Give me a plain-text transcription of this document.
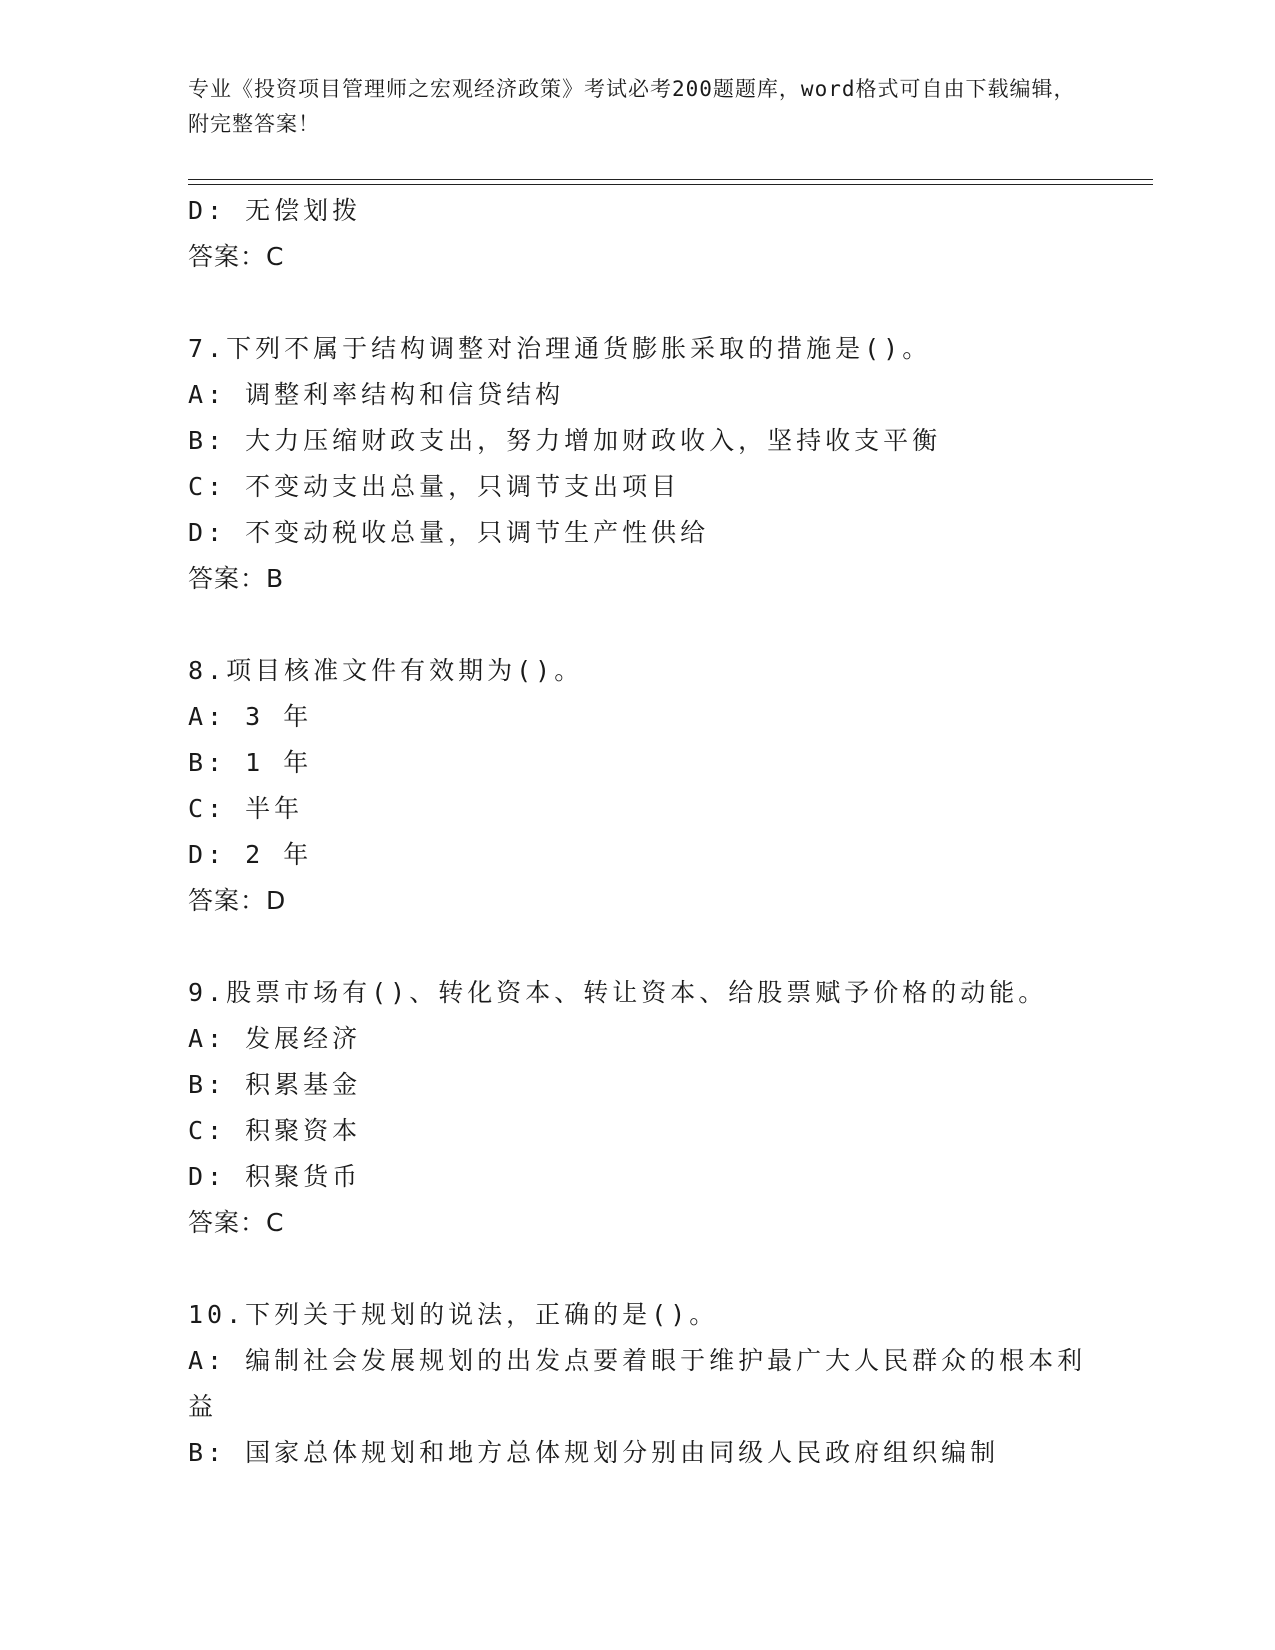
专业《投资项目管理师之宏观经济政策》考试必考200题题库，word格式可自由下载编辑，附完整答案！
D: 无偿划拨
答案：C
7.下列不属于结构调整对治理通货膨胀采取的措施是()。
A: 调整利率结构和信贷结构
B: 大力压缩财政支出，努力增加财政收入，坚持收支平衡
C: 不变动支出总量，只调节支出项目
D: 不变动税收总量，只调节生产性供给
答案：B
8.项目核准文件有效期为()。
A: 3 年
B: 1 年
C: 半年
D: 2 年
答案：D
9.股票市场有()、转化资本、转让资本、给股票赋予价格的动能。
A: 发展经济
B: 积累基金
C: 积聚资本
D: 积聚货币
答案：C
10.下列关于规划的说法，正确的是()。
A: 编制社会发展规划的出发点要着眼于维护最广大人民群众的根本利益
B: 国家总体规划和地方总体规划分别由同级人民政府组织编制
